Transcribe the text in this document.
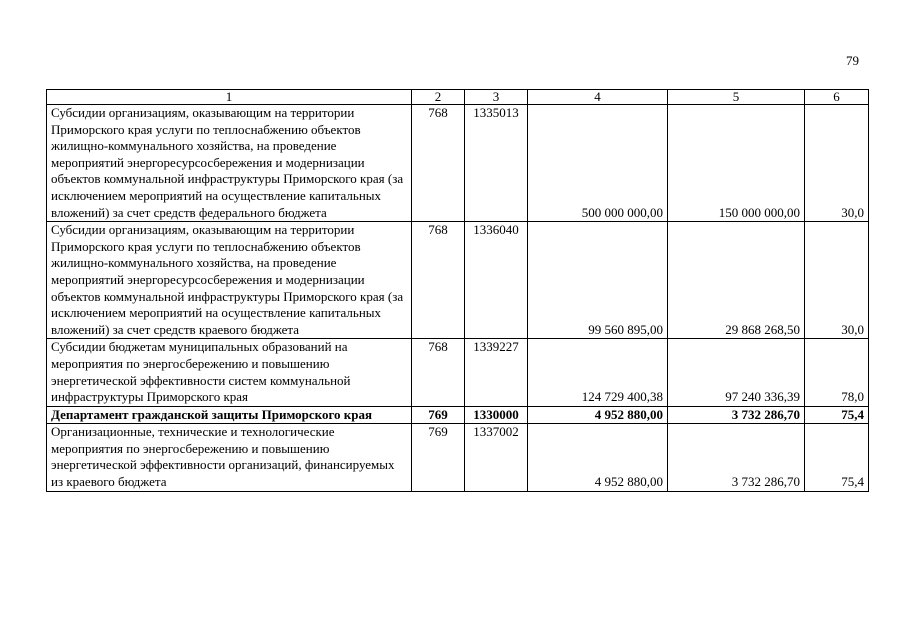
79
1	2	3	4	5	6
Субсидии организациям, оказывающим на территории Приморского края услуги по теплоснабжению объектов жилищно-коммунального хозяйства, на проведение мероприятий энергоресурсосбережения и модернизации объектов коммунальной инфраструктуры Приморского края (за исключением мероприятий на осуществление капитальных вложений) за счет средств федерального бюджета	768	1335013	500 000 000,00	150 000 000,00	30,0
Субсидии организациям, оказывающим на территории Приморского края услуги по теплоснабжению объектов жилищно-коммунального хозяйства, на проведение мероприятий энергоресурсосбережения и модернизации объектов коммунальной инфраструктуры Приморского края (за исключением мероприятий на осуществление капитальных вложений) за счет средств краевого бюджета	768	1336040	99 560 895,00	29 868 268,50	30,0
Субсидии бюджетам муниципальных образований на мероприятия по энергосбережению и повышению энергетической эффективности систем коммунальной инфраструктуры Приморского края	768	1339227	124 729 400,38	97 240 336,39	78,0
Департамент гражданской защиты Приморского края	769	1330000	4 952 880,00	3 732 286,70	75,4
Организационные, технические и технологические мероприятия по энергосбережению и повышению энергетической эффективности организаций, финансируемых из краевого бюджета	769	1337002	4 952 880,00	3 732 286,70	75,4
